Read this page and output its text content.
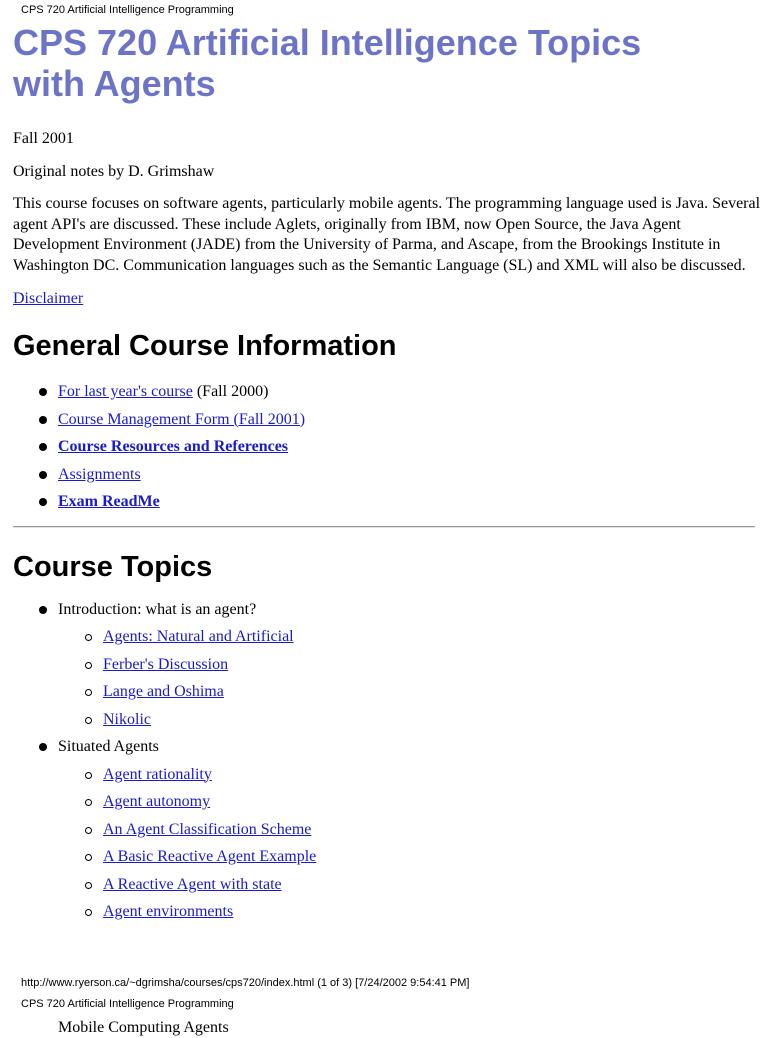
CPS 720 Artificial Intelligence Programming
CPS 720 Artificial Intelligence Topics
with Agents

Fall 2001

Original notes by D. Grimshaw

This course focuses on software agents, particularly mobile agents. The programming language used is Java. Several agent API's are discussed. These include Aglets, originally from IBM, now Open Source, the Java Agent Development Environment (JADE) from the University of Parma, and Ascape, from the Brookings Institute in Washington DC. Communication languages such as the Semantic Language (SL) and XML will also be discussed.

Disclaimer

General Course Information
For last year's course (Fall 2000)
Course Management Form (Fall 2001)
Course Resources and References
Assignments
Exam ReadMe
Course Topics
Introduction: what is an agent?
Agents: Natural and Artificial
Ferber's Discussion
Lange and Oshima
Nikolic
Situated Agents
Agent rationality
Agent autonomy
An Agent Classification Scheme
A Basic Reactive Agent Example
A Reactive Agent with state
Agent environments
http://www.ryerson.ca/~dgrimsha/courses/cps720/index.html (1 of 3) [7/24/2002 9:54:41 PM]
CPS 720 Artificial Intelligence Programming
Mobile Computing Agents
